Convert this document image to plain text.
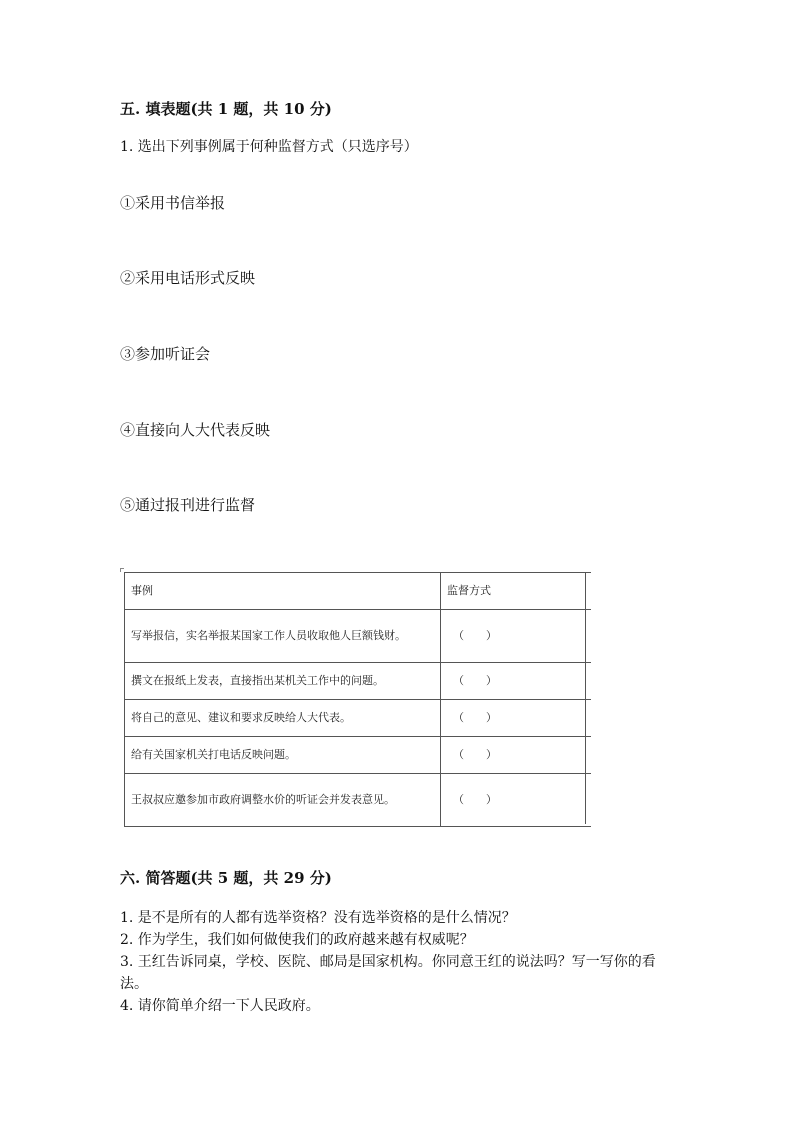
五. 填表题(共 1 题，共 10 分)
1. 选出下列事例属于何种监督方式（只选序号）
①采用书信举报
②采用电话形式反映
③参加听证会
④直接向人大代表反映
⑤通过报刊进行监督
事例	监督方式
写举报信，实名举报某国家工作人员收取他人巨额钱财。	（　　）
撰文在报纸上发表，直接指出某机关工作中的问题。	（　　）
将自己的意见、建议和要求反映给人大代表。	（　　）
给有关国家机关打电话反映问题。	（　　）
王叔叔应邀参加市政府调整水价的听证会并发表意见。	（　　）
六. 简答题(共 5 题，共 29 分)
1. 是不是所有的人都有选举资格？没有选举资格的是什么情况？
2. 作为学生，我们如何做使我们的政府越来越有权威呢？
3. 王红告诉同桌，学校、医院、邮局是国家机构。你同意王红的说法吗？写一写你的看法。
4. 请你简单介绍一下人民政府。
